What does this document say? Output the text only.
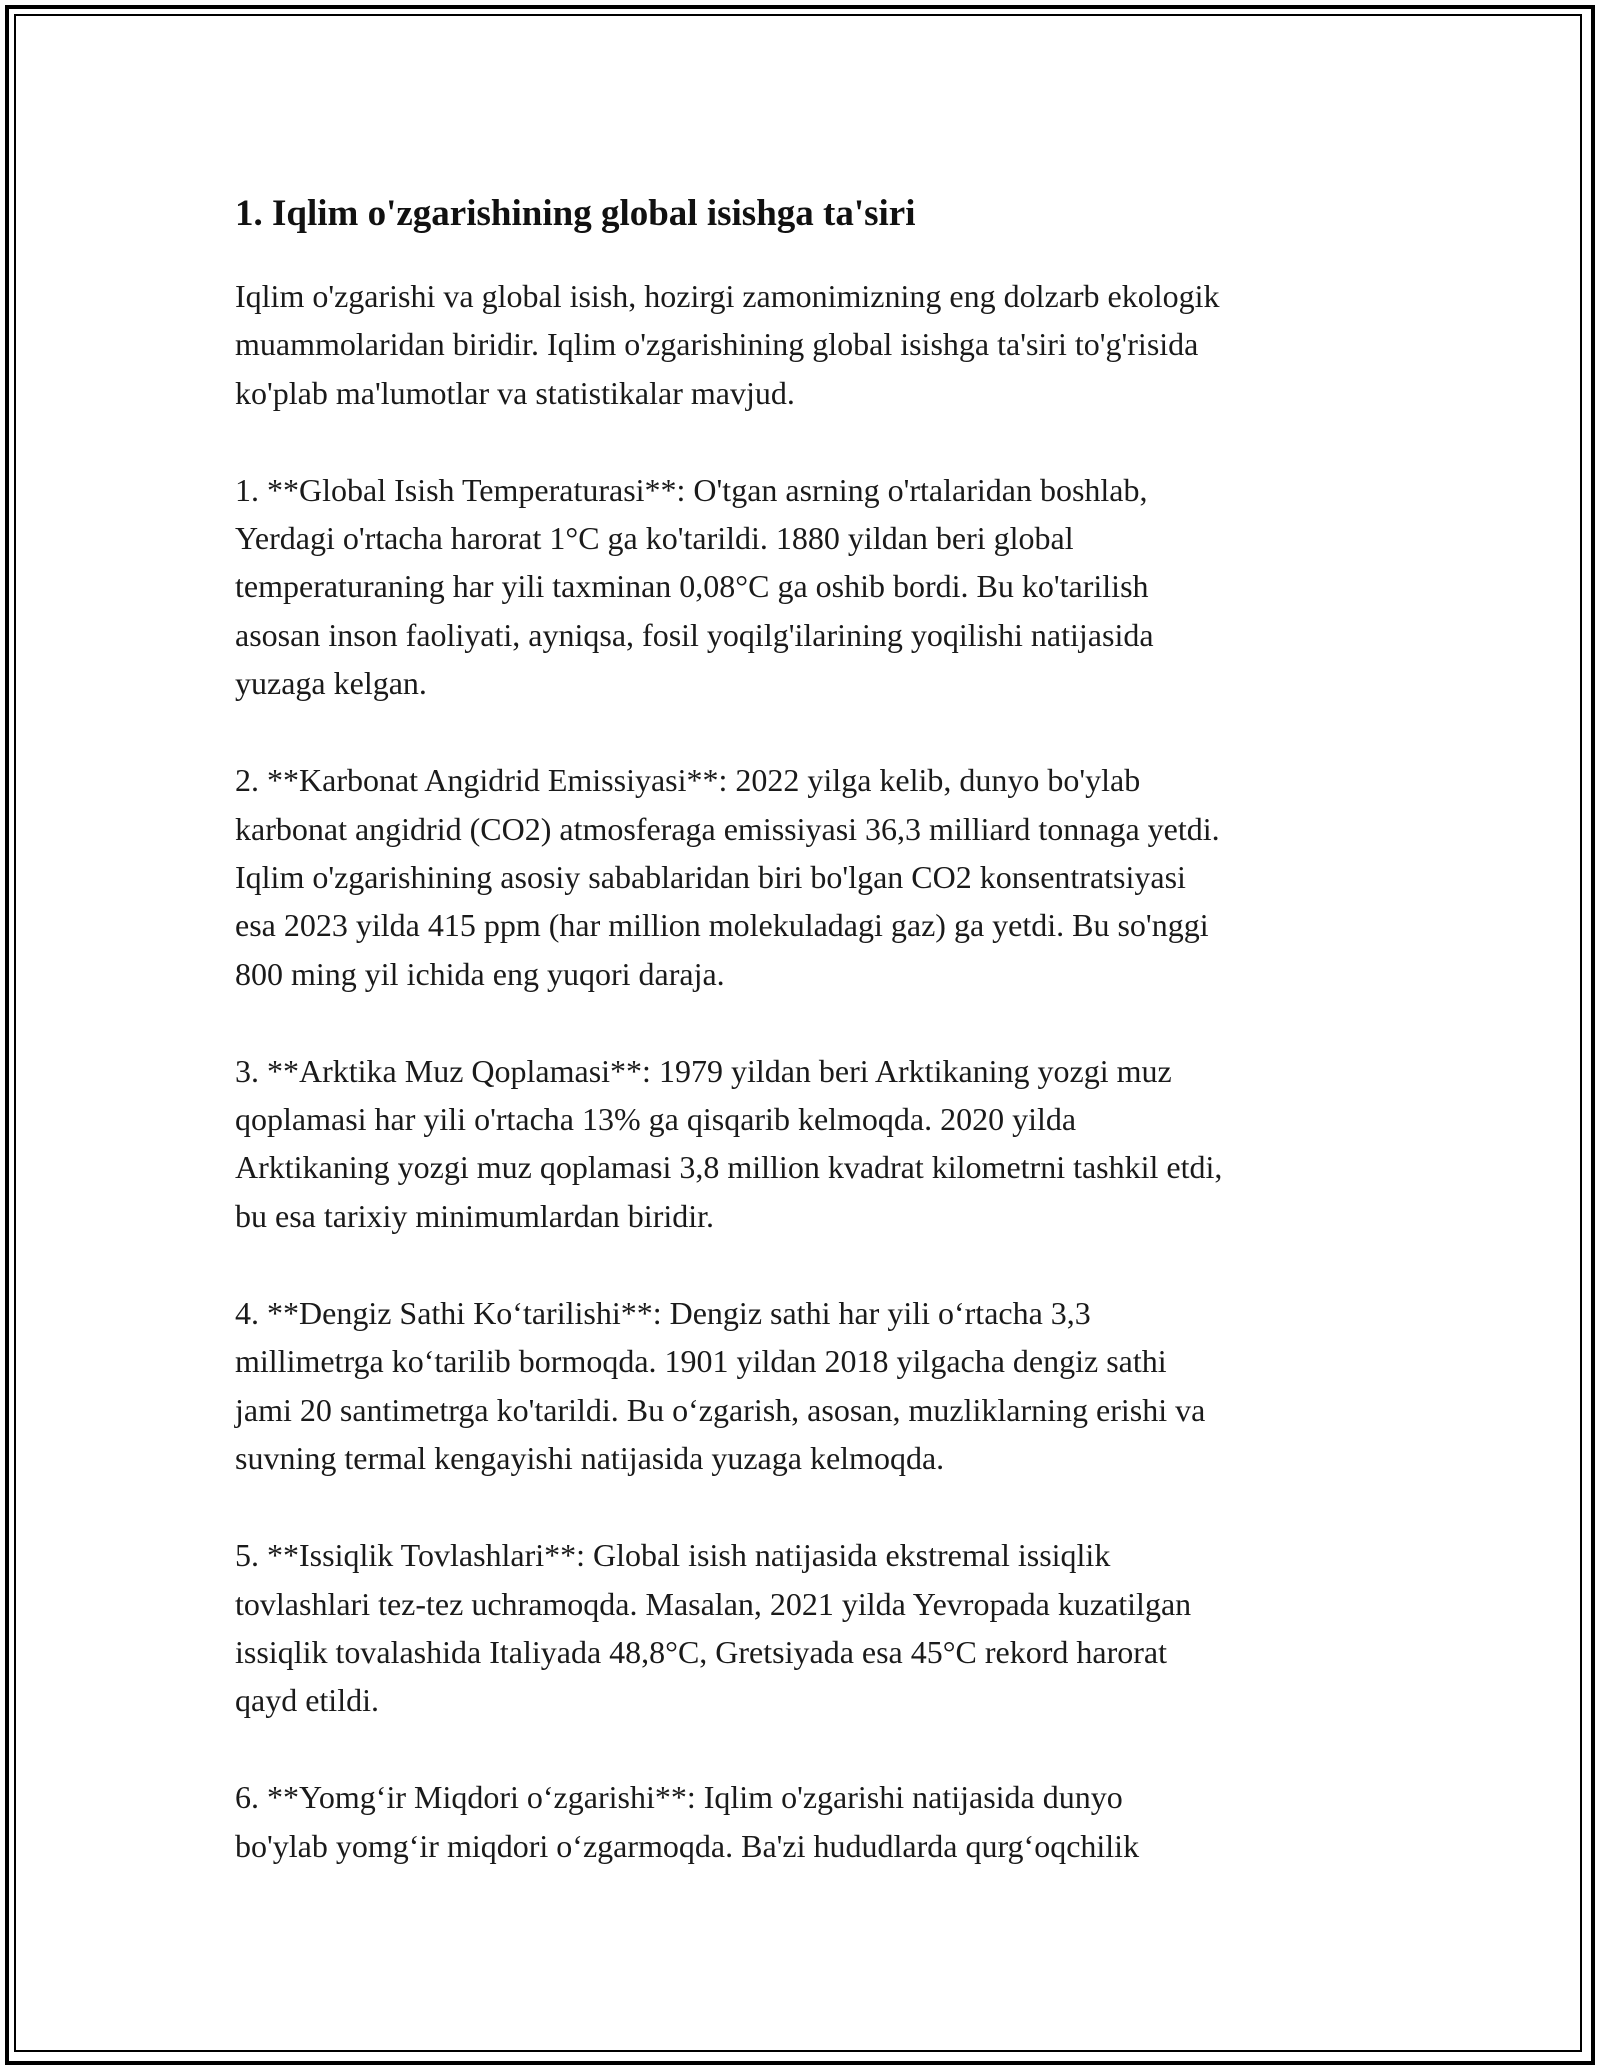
1. Iqlim o'zgarishining global isishga ta'siri

Iqlim o'zgarishi va global isish, hozirgi zamonimizning eng dolzarb ekologik
muammolaridan biridir. Iqlim o'zgarishining global isishga ta'siri to'g'risida
ko'plab ma'lumotlar va statistikalar mavjud.

1. **Global Isish Temperaturasi**: O'tgan asrning o'rtalaridan boshlab,
Yerdagi o'rtacha harorat 1°C ga ko'tarildi. 1880 yildan beri global
temperaturaning har yili taxminan 0,08°C ga oshib bordi. Bu ko'tarilish
asosan inson faoliyati, ayniqsa, fosil yoqilg'ilarining yoqilishi natijasida
yuzaga kelgan.

2. **Karbonat Angidrid Emissiyasi**: 2022 yilga kelib, dunyo bo'ylab
karbonat angidrid (CO2) atmosferaga emissiyasi 36,3 milliard tonnaga yetdi.
Iqlim o'zgarishining asosiy sabablaridan biri bo'lgan CO2 konsentratsiyasi
esa 2023 yilda 415 ppm (har million molekuladagi gaz) ga yetdi. Bu so'nggi
800 ming yil ichida eng yuqori daraja.

3. **Arktika Muz Qoplamasi**: 1979 yildan beri Arktikaning yozgi muz
qoplamasi har yili o'rtacha 13% ga qisqarib kelmoqda. 2020 yilda
Arktikaning yozgi muz qoplamasi 3,8 million kvadrat kilometrni tashkil etdi,
bu esa tarixiy minimumlardan biridir.

4. **Dengiz Sathi Ko‘tarilishi**: Dengiz sathi har yili o‘rtacha 3,3
millimetrga ko‘tarilib bormoqda. 1901 yildan 2018 yilgacha dengiz sathi
jami 20 santimetrga ko'tarildi. Bu o‘zgarish, asosan, muzliklarning erishi va
suvning termal kengayishi natijasida yuzaga kelmoqda.

5. **Issiqlik Tovlashlari**: Global isish natijasida ekstremal issiqlik
tovlashlari tez-tez uchramoqda. Masalan, 2021 yilda Yevropada kuzatilgan
issiqlik tovalashida Italiyada 48,8°C, Gretsiyada esa 45°C rekord harorat
qayd etildi.

6. **Yomg‘ir Miqdori o‘zgarishi**: Iqlim o'zgarishi natijasida dunyo
bo'ylab yomg‘ir miqdori o‘zgarmoqda. Ba'zi hududlarda qurg‘oqchilik
